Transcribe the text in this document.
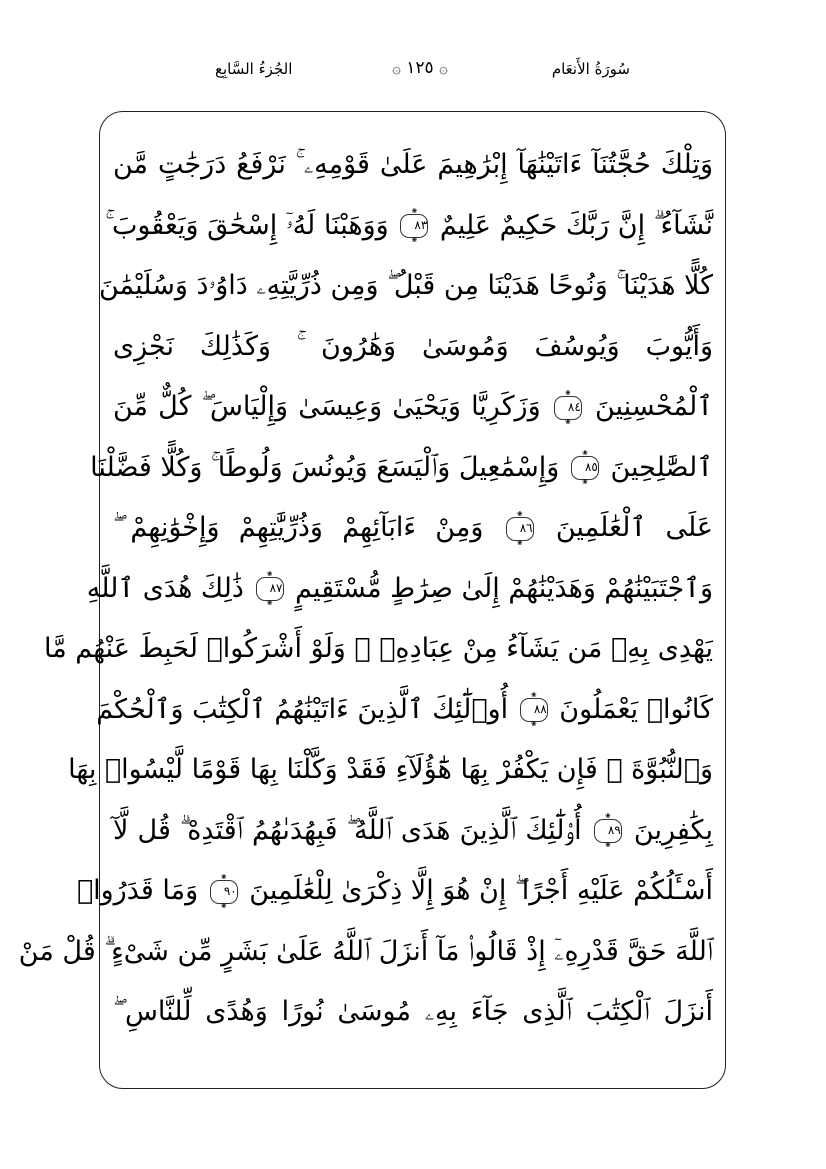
سُورَةُ الأَنعَام
۞ ١٢٥ ۞
الجُزءُ السَّابِع
وَتِلْكَ حُجَّتُنَآ ءَاتَيْنَٰهَآ إِبْرَٰهِيمَ عَلَىٰ قَوْمِهِۦ ۚ نَرْفَعُ دَرَجَٰتٍ مَّن
نَّشَآءُ ۗ إِنَّ رَبَّكَ حَكِيمٌ عَلِيمٌ ❀ ٨٣ ❀ وَوَهَبْنَا لَهُۥٓ إِسْحَٰقَ وَيَعْقُوبَ ۚ
كُلًّا هَدَيْنَا ۚ وَنُوحًا هَدَيْنَا مِن قَبْلُ ۖ وَمِن ذُرِّيَّتِهِۦ دَاوُۥدَ وَسُلَيْمَٰنَ
وَأَيُّوبَ وَيُوسُفَ وَمُوسَىٰ وَهَٰرُونَ ۚ وَكَذَٰلِكَ نَجْزِى
ٱلْمُحْسِنِينَ ❀ ٨٤ ❀ وَزَكَرِيَّا وَيَحْيَىٰ وَعِيسَىٰ وَإِلْيَاسَ ۖ كُلٌّ مِّنَ
ٱلصَّٰلِحِينَ ❀ ٨٥ ❀ وَإِسْمَٰعِيلَ وَٱلْيَسَعَ وَيُونُسَ وَلُوطًا ۚ وَكُلًّا فَضَّلْنَا
عَلَى ٱلْعَٰلَمِينَ ❀ ٨٦ ❀ وَمِنْ ءَابَآئِهِمْ وَذُرِّيَّٰتِهِمْ وَإِخْوَٰنِهِمْ ۖ
وَٱجْتَبَيْنَٰهُمْ وَهَدَيْنَٰهُمْ إِلَىٰ صِرَٰطٍ مُّسْتَقِيمٍ ❀ ٨٧ ❀ ذَٰلِكَ هُدَى ٱللَّهِ
يَهْدِى بِهِۦ مَن يَشَآءُ مِنْ عِبَادِهِۦ ۚ وَلَوْ أَشْرَكُوا۟ لَحَبِطَ عَنْهُم مَّا
كَانُوا۟ يَعْمَلُونَ ❀ ٨٨ ❀ أُو۟لَٰٓئِكَ ٱلَّذِينَ ءَاتَيْنَٰهُمُ ٱلْكِتَٰبَ وَٱلْحُكْمَ
وَٱلنُّبُوَّةَ ۚ فَإِن يَكْفُرْ بِهَا هَٰٓؤُلَآءِ فَقَدْ وَكَّلْنَا بِهَا قَوْمًا لَّيْسُوا۟ بِهَا
بِكَٰفِرِينَ ❀ ٨٩ ❀ أُو۟لَٰٓئِكَ ٱلَّذِينَ هَدَى ٱللَّهُ ۖ فَبِهُدَىٰهُمُ ٱقْتَدِهْ ۗ قُل لَّآ
أَسْـَٔلُكُمْ عَلَيْهِ أَجْرًا ۖ إِنْ هُوَ إِلَّا ذِكْرَىٰ لِلْعَٰلَمِينَ ❀ ٩٠ ❀ وَمَا قَدَرُوا۟
ٱللَّهَ حَقَّ قَدْرِهِۦٓ إِذْ قَالُوا۟ مَآ أَنزَلَ ٱللَّهُ عَلَىٰ بَشَرٍ مِّن شَىْءٍ ۗ قُلْ مَنْ
أَنزَلَ ٱلْكِتَٰبَ ٱلَّذِى جَآءَ بِهِۦ مُوسَىٰ نُورًا وَهُدًى لِّلنَّاسِ ۖ
